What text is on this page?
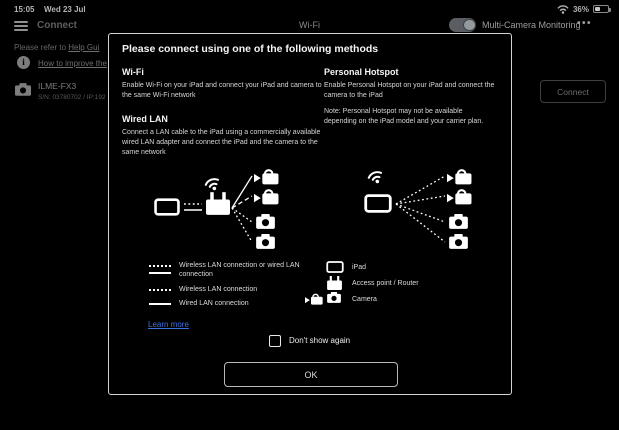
15:05 Wed 23 Jul	36%
Connect	Wi-Fi	Multi-Camera Monitoring
•••
Please refer to Help Gui
i	How to improve the
ILME-FX3
S/N: 03780702 / IP:192
Connect
Please connect using one of the following methods
Wi-Fi
Enable Wi-Fi on your iPad and connect your iPad and camera to the same Wi-Fi network
Wired LAN
Connect a LAN cable to the iPad using a commercially available wired LAN adapter and connect the iPad and the camera to the same network
Personal Hotspot
Enable Personal Hotspot on your iPad and connect the camera to the iPad
Note: Personal Hotspot may not be available depending on the iPad model and your carrier plan.
Wireless LAN connection or wired LAN connection
Wireless LAN connection
Wired LAN connection
iPad
Access point / Router
Camera
Learn more
Don't show again
OK
